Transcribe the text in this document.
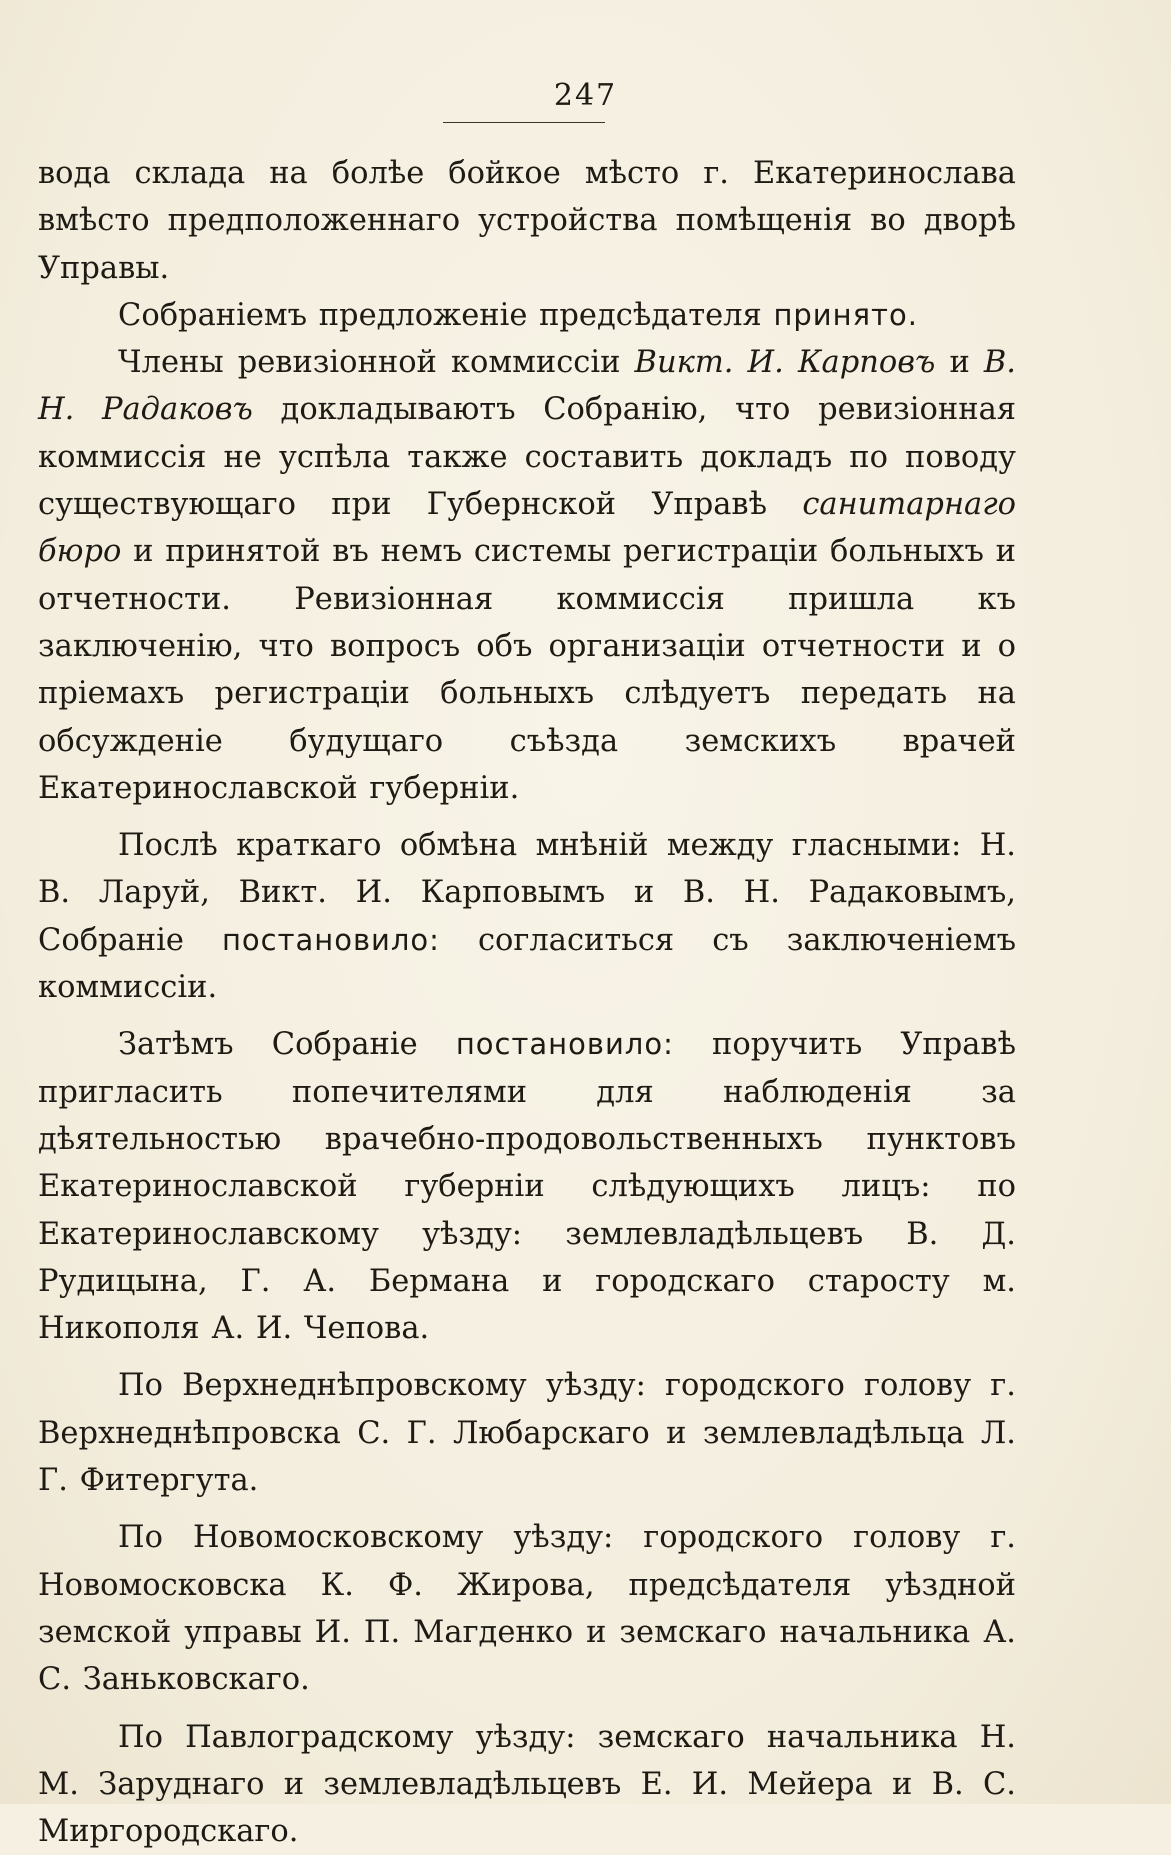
247

вода склада на болѣе бойкое мѣсто г. Екатеринослава вмѣсто предположеннаго устройства помѣщенія во дворѣ Управы.

Собраніемъ предложеніе предсѣдателя принято.

Члены ревизіонной коммиссіи Викт. И. Карповъ и В. Н. Радаковъ докладываютъ Собранію, что ревизіонная коммиссія не успѣла также составить докладъ по поводу существующаго при Губернской Управѣ санитарнаго бюро и принятой въ немъ системы регистраціи больныхъ и отчетности. Ревизіонная коммиссія пришла къ заключенію, что вопросъ объ организаціи отчетности и о пріемахъ регистраціи больныхъ слѣдуетъ передать на обсужденіе будущаго съѣзда земскихъ врачей Екатеринославской губерніи.

Послѣ краткаго обмѣна мнѣній между гласными: Н. В. Ларуй, Викт. И. Карповымъ и В. Н. Радаковымъ, Собраніе постановило: согласиться съ заключеніемъ коммиссіи.

Затѣмъ Собраніе постановило: поручить Управѣ пригласить попечителями для наблюденія за дѣятельностью врачебно-продовольственныхъ пунктовъ Екатеринославской губерніи слѣдующихъ лицъ: по Екатеринославскому уѣзду: землевладѣльцевъ В. Д. Рудицына, Г. А. Бермана и городскаго старосту м. Никополя А. И. Чепова.

По Верхнеднѣпровскому уѣзду: городского голову г. Верхнеднѣпровска С. Г. Любарскаго и землевладѣльца Л. Г. Фитергута.

По Новомосковскому уѣзду: городского голову г. Новомосковска К. Ф. Жирова, предсѣдателя уѣздной земской управы И. П. Магденко и земскаго начальника А. С. Заньковскаго.

По Павлоградскому уѣзду: земскаго начальника Н. М. Заруднаго и землевладѣльцевъ Е. И. Мейера и В. С. Миргородскаго.
